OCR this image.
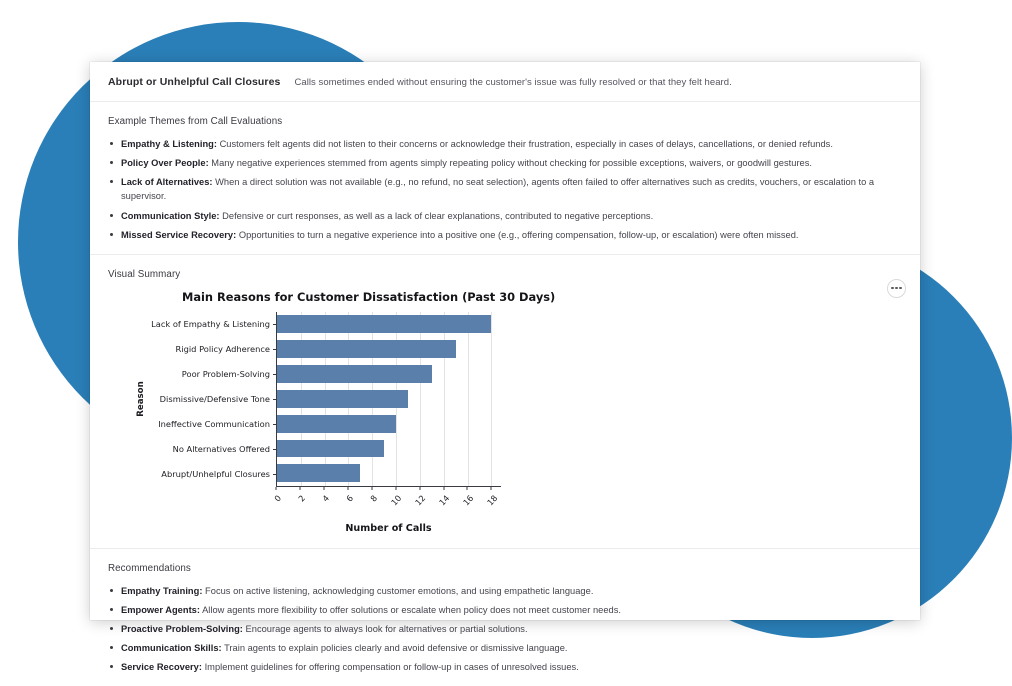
Abrupt or Unhelpful Call Closures Calls sometimes ended without ensuring the customer's issue was fully resolved or that they felt heard.
Example Themes from Call Evaluations
Empathy & Listening: Customers felt agents did not listen to their concerns or acknowledge their frustration, especially in cases of delays, cancellations, or denied refunds.
Policy Over People: Many negative experiences stemmed from agents simply repeating policy without checking for possible exceptions, waivers, or goodwill gestures.
Lack of Alternatives: When a direct solution was not available (e.g., no refund, no seat selection), agents often failed to offer alternatives such as credits, vouchers, or escalation to a supervisor.
Communication Style: Defensive or curt responses, as well as a lack of clear explanations, contributed to negative perceptions.
Missed Service Recovery: Opportunities to turn a negative experience into a positive one (e.g., offering compensation, follow-up, or escalation) were often missed.
Visual Summary
Main Reasons for Customer Dissatisfaction (Past 30 Days)
Reason
Lack of Empathy & Listening
Rigid Policy Adherence
Poor Problem-Solving
Dismissive/Defensive Tone
Ineffective Communication
No Alternatives Offered
Abrupt/Unhelpful Closures
0 2 4 6 8 10 12 14 16 18
Number of Calls
Recommendations
Empathy Training: Focus on active listening, acknowledging customer emotions, and using empathetic language.
Empower Agents: Allow agents more flexibility to offer solutions or escalate when policy does not meet customer needs.
Proactive Problem-Solving: Encourage agents to always look for alternatives or partial solutions.
Communication Skills: Train agents to explain policies clearly and avoid defensive or dismissive language.
Service Recovery: Implement guidelines for offering compensation or follow-up in cases of unresolved issues.
